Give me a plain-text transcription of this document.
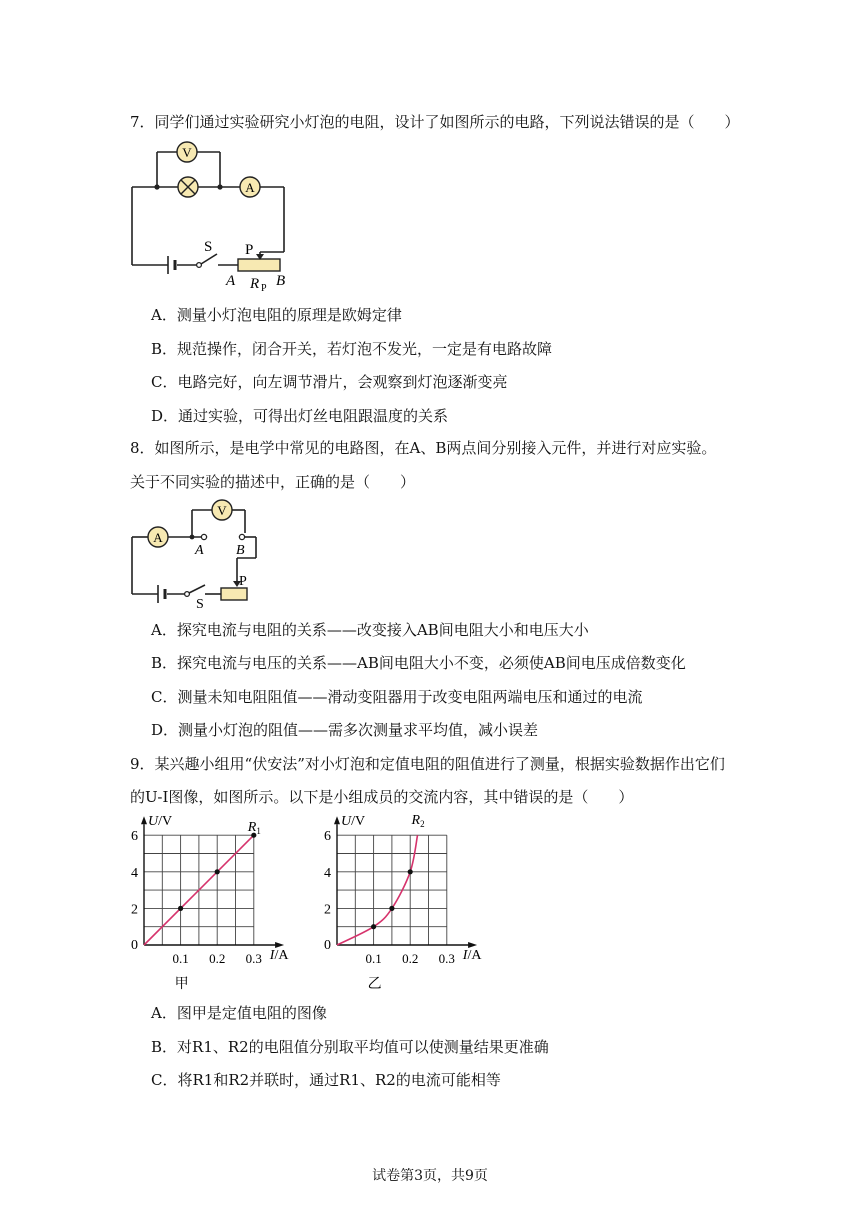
7．同学们通过实验研究小灯泡的电阻，设计了如图所示的电路，下列说法错误的是（　　）
S
V
A
P
A R P B
A．测量小灯泡电阻的原理是欧姆定律
B．规范操作，闭合开关，若灯泡不发光，一定是有电路故障
C．电路完好，向左调节滑片，会观察到灯泡逐渐变亮
D．通过实验，可得出灯丝电阻跟温度的关系
8．如图所示，是电学中常见的电路图，在A、B两点间分别接入元件，并进行对应实验。
关于不同实验的描述中，正确的是（　　）
A
V
A B
S
P
A．探究电流与电阻的关系——改变接入AB间电阻大小和电压大小
B．探究电流与电压的关系——AB间电阻大小不变，必须使AB间电压成倍数变化
C．测量未知电阻阻值——滑动变阻器用于改变电阻两端电压和通过的电流
D．测量小灯泡的阻值——需多次测量求平均值，减小误差
9．某兴趣小组用“伏安法”对小灯泡和定值电阻的阻值进行了测量，根据实验数据作出它们
的U-I图像，如图所示。以下是小组成员的交流内容，其中错误的是（　　）
U/V
I/A
0
2
4
6
0.1 0.2 0.3
$R_1$
甲
U/V
I/A
0
2
4
6
0.1 0.2 0.3
$R_2$
乙
A．图甲是定值电阻的图像
B．对R1、R2的电阻值分别取平均值可以使测量结果更准确
C．将R1和R2并联时，通过R1、R2的电流可能相等
试卷第3页，共9页
